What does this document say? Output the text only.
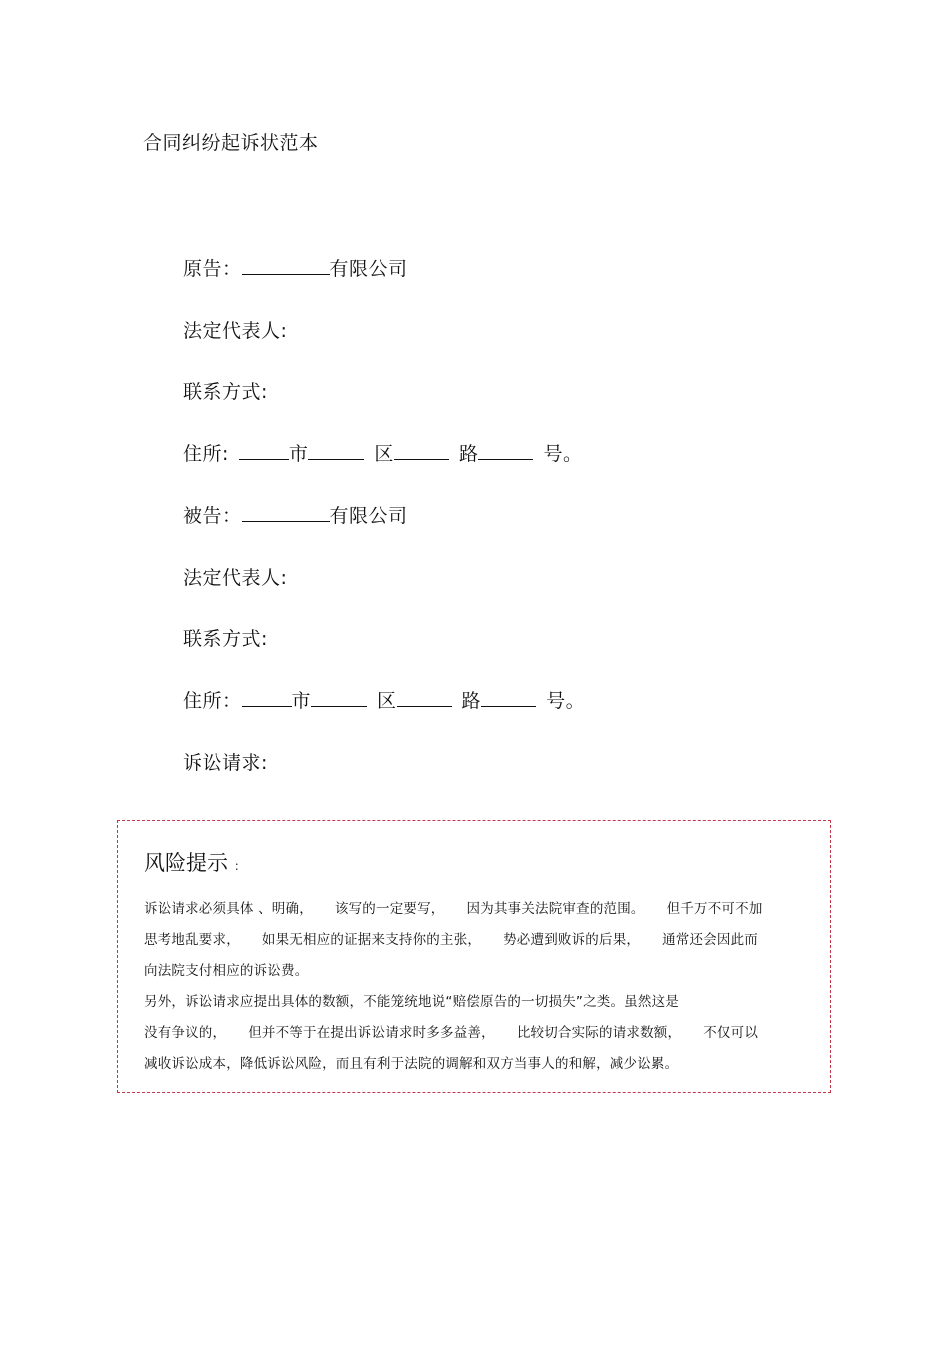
合同纠纷起诉状范本
原告：	有限公司
法定代表人:
联系方式:
住所:	市	区	路	号。
被告：	有限公司
法定代表人:
联系方式:
住所：	市	区	路	号。
诉讼请求:
风险提示 ：
诉讼请求必须具体 、明确， 该写的一定要写， 因为其事关法院审查的范围。 但千万不可不加
思考地乱要求， 如果无相应的证据来支持你的主张， 势必遭到败诉的后果， 通常还会因此而
向法院支付相应的诉讼费。
另外，诉讼请求应提出具体的数额，不能笼统地说“赔偿原告的一切损失”之类。虽然这是
没有争议的， 但并不等于在提出诉讼请求时多多益善， 比较切合实际的请求数额， 不仅可以
减收诉讼成本，降低诉讼风险，而且有利于法院的调解和双方当事人的和解，减少讼累。
